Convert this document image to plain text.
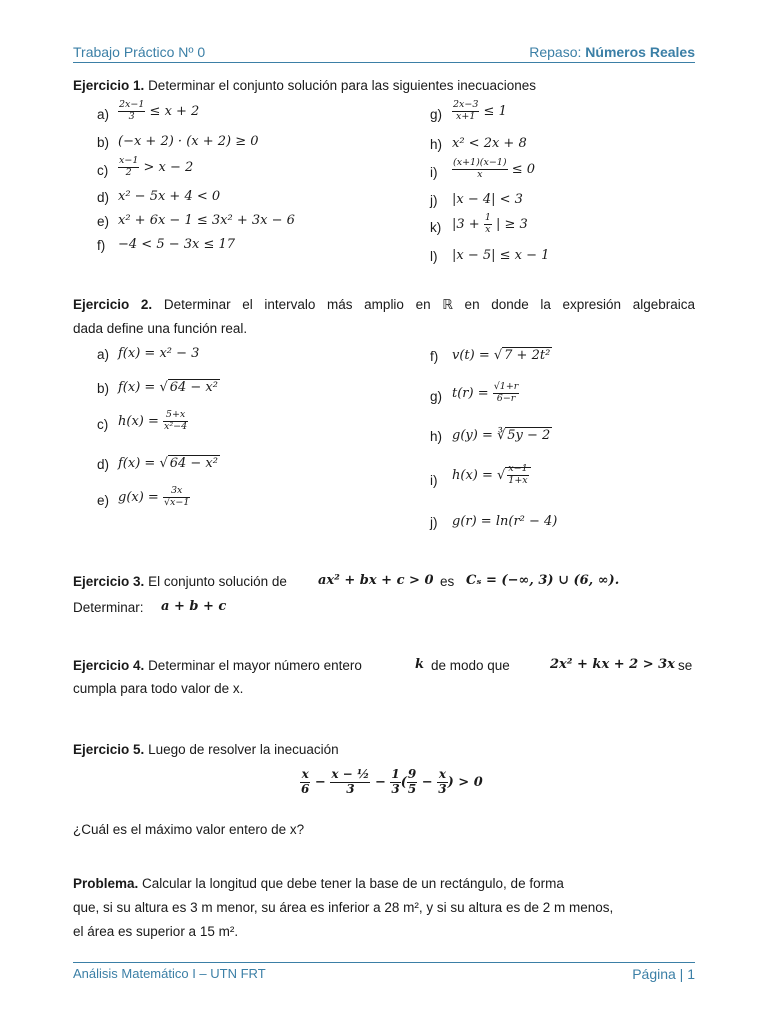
Trabajo Práctico Nº 0	Repaso: Números Reales
Ejercicio 1. Determinar el conjunto solución para las siguientes inecuaciones
$a) \frac{2x-1}{3} \le x + 2$
b) (−x + 2) · (x + 2) ≥ 0
$c) \frac{x-1}{2} > x - 2$
d) x² − 5x + 4 < 0
e) x² + 6x − 1 ≤ 3x² + 3x − 6
f) −4 < 5 − 3x ≤ 17
$g) \frac{2x-3}{x+1} \le 1$
h) x² < 2x + 8
$i) \frac{(x+1)(x-1)}{x} \le 0$
j) |x − 4| < 3
k) $|3 + \frac{1}{x}$ | ≥ 3
l) |x − 5| ≤ x − 1
Ejercicio 2. Determinar el intervalo más amplio en ℝ en donde la expresión algebraica
dada define una función real.
a) f(x) = x² − 3
b) f(x) = √ 64 − x²
c) $h(x) = \frac{5+x}{\text{x²−4}}$
d) f(x) = √ 64 − x²
e) $g(x) = \frac{3x}{√x-1}$
f) v(t) = √ 7 + 2t²
g) $t(r) = \frac{√1+r}{6-r}$
h) g(y) = ∛ 5y − 2
i) h(x) = √ $\frac{x-1}{1+x}$
j) g(r) = ln(r² − 4)
Ejercicio 3. El conjunto solución de ax² + bx + c > 0 es Cₛ = (−∞, 3) ∪ (6, ∞).
Determinar: a + b + c
Ejercicio 4. Determinar el mayor número entero	k de modo que	2x² + kx + 2 > 3x se
cumpla para todo valor de x.
Ejercicio 5. Luego de resolver la inecuación
$\frac{x}{6} - \frac{\text{x − ½}}{3} - \frac{1}{3}$ ( $\frac{9}{5} - \frac{x}{3}$ ) > 0
¿Cuál es el máximo valor entero de x?
Problema. Calcular la longitud que debe tener la base de un rectángulo, de forma
que, si su altura es 3 m menor, su área es inferior a 28 m², y si su altura es de 2 m menos,
el área es superior a 15 m².
Análisis Matemático I – UTN FRT	Página | 1
